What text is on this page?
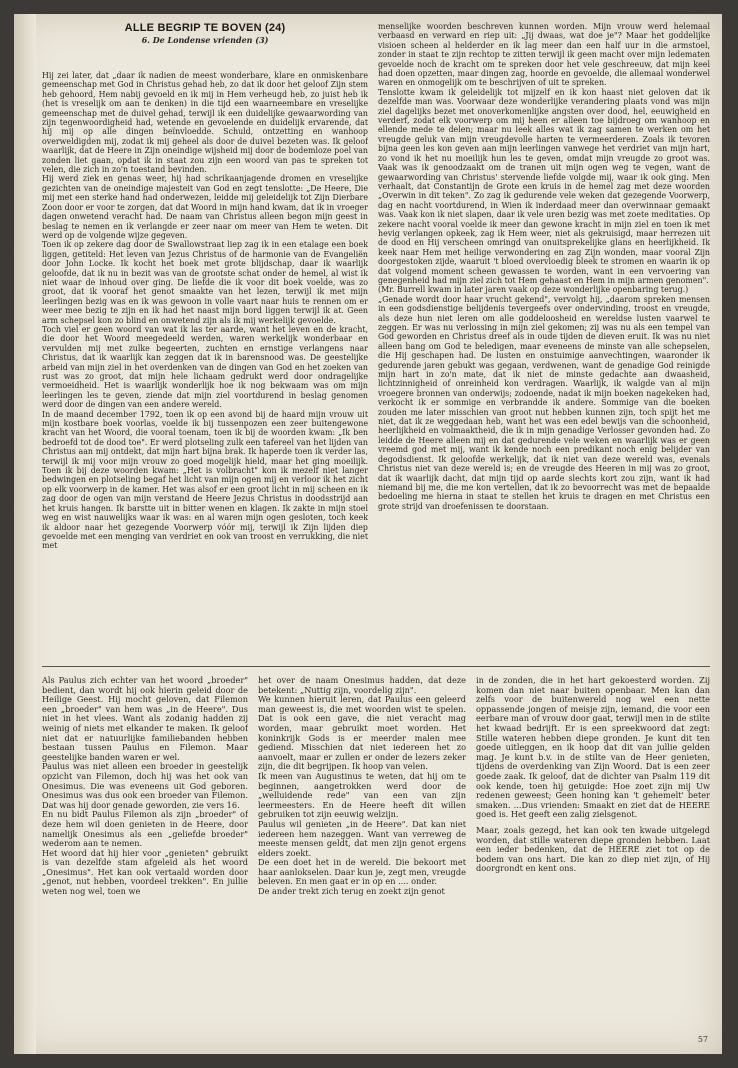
ALLE BEGRIP TE BOVEN (24)
6. De Londense vrienden (3)

Hij zei later, dat „daar ik nadien de meest wonderbare, klare en onmiskenbare gemeenschap met God in Christus gehad heb, zo dat ik door het geloof Zijn stem heb gehoord, Hem nabij gevoeld en ik mij in Hem verheugd heb, zo juist heb ik (het is vreselijk om aan te denken) in die tijd een waarneembare en vreselijke gemeenschap met de duivel gehad, terwijl ik een duidelijke gewaarwording van zijn tegenwoordigheid had, wetende en gevoelende en duidelijk ervarende, dat hij mij op alle dingen beïnvloedde. Schuld, ontzetting en wanhoop overweldigden mij, zodat ik mij geheel als door de duivel bezeten was. Ik geloof waarlijk, dat de Heere in Zijn oneindige wijsheid mij door de bodemloze poel van zonden liet gaan, opdat ik in staat zou zijn een woord van pas te spreken tot velen, die zich in zo'n toestand bevinden.

Hij werd ziek en genas weer, hij had schrikaanjagende dromen en vreselijke gezichten van de oneindige majesteit van God en zegt tenslotte: „De Heere, Die mij met een sterke hand had onderwezen, leidde mij geleidelijk tot Zijn Dierbare Zoon door er voor te zorgen, dat dat Woord in mijn hand kwam, dat ik in vroeger dagen onwetend veracht had. De naam van Christus alleen begon mijn geest in beslag te nemen en ik verlangde er zeer naar om meer van Hem te weten. Dit werd op de volgende wijze gegeven.

Toen ik op zekere dag door de Swallowstraat liep zag ik in een etalage een boek liggen, getiteld: Het leven van Jezus Christus of de harmonie van de Evangeliën door John Locke. Ik kocht het boek met grote blijdschap, daar ik waarlijk geloofde, dat ik nu in bezit was van de grootste schat onder de hemel, al wist ik niet waar de inhoud over ging. De liefde die ik voor dit boek voelde, was zo groot, dat ik vooraf het genot smaakte van het lezen, terwijl ik met mijn leerlingen bezig was en ik was gewoon in volle vaart naar huis te rennen om er weer mee bezig te zijn en ik had het naast mijn bord liggen terwijl ik at. Geen arm schepsel kon zo blind en onwetend zijn als ik mij werkelijk gevoelde.

Toch viel er geen woord van wat ik las ter aarde, want het leven en de kracht, die door het Woord meegedeeld werden, waren werkelijk wonderbaar en vervulden mij met zulke begeerten, zuchten en ernstige verlangens naar Christus, dat ik waarlijk kan zeggen dat ik in barensnood was. De geestelijke arbeid van mijn ziel in het overdenken van de dingen van God en het zoeken van rust was zo groot, dat mijn hele lichaam gedrukt werd door ondragelijke vermoeidheid. Het is waarlijk wonderlijk hoe ik nog bekwaam was om mijn leerlingen les te geven, ziende dat mijn ziel voortdurend in beslag genomen werd door de dingen van een andere wereld.

In de maand december 1792, toen ik op een avond bij de haard mijn vrouw uit mijn kostbare boek voorlas, voelde ik bij tussenpozen een zeer buitengewone kracht van het Woord, die vooral toenam, toen ik bij de woorden kwam: „Ik ben bedroefd tot de dood toe". Er werd plotseling zulk een tafereel van het lijden van Christus aan mij ontdekt, dat mijn hart bijna brak. Ik haperde toen ik verder las, terwijl ik mij voor mijn vrouw zo goed mogelijk hield, maar het ging moeilijk. Toen ik bij deze woorden kwam: „Het is volbracht" kon ik mezelf niet langer bedwingen en plotseling begaf het licht van mijn ogen mij en verloor ik het zicht op elk voorwerp in de kamer. Het was alsof er een groot licht in mij scheen en ik zag door de ogen van mijn verstand de Heere Jezus Christus in doodsstrijd aan het kruis hangen. Ik barstte uit in bitter wenen en klagen. Ik zakte in mijn stoel weg en wist nauwelijks waar ik was: en al waren mijn ogen gesloten, toch keek ik aldoor naar het gezegende Voorwerp vóór mij, terwijl ik Zijn lijden diep gevoelde met een menging van verdriet en ook van troost en verrukking, die niet met

menselijke woorden beschreven kunnen worden. Mijn vrouw werd helemaal verbaasd en verward en riep uit: „Jij dwaas, wat doe je"? Maar het goddelijke visioen scheen al helderder en ik lag meer dan een half uur in die armstoel, zonder in staat te zijn rechtop te zitten terwijl ik geen macht over mijn ledematen gevoelde noch de kracht om te spreken door het vele geschreeuw, dat mijn keel had doen opzetten, maar dingen zag, hoorde en gevoelde, die allemaal wonderwel waren en onmogelijk om te beschrijven of uit te spreken.

Tenslotte kwam ik geleidelijk tot mijzelf en ik kon haast niet geloven dat ik dezelfde man was. Voorwaar deze wonderlijke verandering plaats vond was mijn ziel dagelijks bezet met onoverkomenlijke angsten over dood, hel, eeuwigheid en verderf, zodat elk voorwerp om mij heen er alleen toe bijdroeg om wanhoop en ellende mede te delen; maar nu leek alles wat ik zag samen te werken om het vreugde geluk van mijn vreugdevolle harten te vermeerderen. Zoals ik tevoren bijna geen les kon geven aan mijn leerlingen vanwege het verdriet van mijn hart, zo vond ik het nu moeilijk hun les te geven, omdat mijn vreugde zo groot was. Vaak was ik genoodzaakt om de tranen uit mijn ogen weg te vegen, want de gewaarwording van Christus' stervende liefde volgde mij, waar ik ook ging. Men verhaalt, dat Constantijn de Grote een kruis in de hemel zag met deze woorden „Overwin in dit teken". Zo zag ik gedurende vele weken dat gezegende Voorwerp, dag en nacht voortdurend, in Wien ik inderdaad meer dan overwinnaar gemaakt was. Vaak kon ik niet slapen, daar ik vele uren bezig was met zoete meditaties. Op zekere nacht vooral voelde ik meer dan gewone kracht in mijn ziel en toen ik met hevig verlangen opkeek, zag ik Hem weer, niet als gekruisigd, maar herrezen uit de dood en Hij verscheen omringd van onuitsprekelijke glans en heerlijkheid. Ik keek naar Hem met heilige verwondering en zag Zijn wonden, maar vooral Zijn doorgestoken zijde, waaruit 't bloed overvloedig bleek te stromen en waarin ik op dat volgend moment scheen gewassen te worden, want in een vervoering van genegenheid had mijn ziel zich tot Hem gehaast en Hem in mijn armen genomen".

(Mr. Burrell kwam in later jaren vaak op deze wonderlijke openbaring terug.)

„Genade wordt door haar vrucht gekend", vervolgt hij, „daarom spreken mensen in een godsdienstige belijdenis tevergeefs over ondervinding, troost en vreugde, als deze hun niet leren om alle goddeloosheid en wereldse lusten vaarwel te zeggen. Er was nu verlossing in mijn ziel gekomen; zij was nu als een tempel van God geworden en Christus dreef als in oude tijden de dieven eruit. Ik was nu niet alleen bang om God te beledigen, maar eveneens de minste van alle schepselen, die Hij geschapen had. De lusten en onstuimige aanvechtingen, waaronder ik gedurende jaren gebukt was gegaan, verdwenen, want de genadige God reinigde mijn hart in zo'n mate, dat ik niet de minste gedachte aan dwaasheid, lichtzinnigheid of onreinheid kon verdragen. Waarlijk, ik walgde van al mijn vroegere bronnen van onderwijs; zodoende, nadat ik mijn boeken nagekeken had, verkocht ik er sommige en verbrandde ik andere. Sommige van die boeken zouden me later misschien van groot nut hebben kunnen zijn, toch spijt het me niet, dat ik ze weggedaan heb, want het was een edel bewijs van die schoonheid, heerlijkheid en volmaaktheid, die ik in mijn genadige Verlosser gevonden had. Zo leidde de Heere alleen mij en dat gedurende vele weken en waarlijk was er geen vreemd god met mij, want ik kende noch een predikant noch enig belijder van degodsdienst. Ik geloofde werkelijk, dat ik niet van deze wereld was, evenals Christus niet van deze wereld is; en de vreugde des Heeren in mij was zo groot, dat ik waarlijk dacht, dat mijn tijd op aarde slechts kort zou zijn, want ik had niemand bij me, die me kon vertellen, dat ik zo bevoorrecht was met de bepaalde bedoeling me hierna in staat te stellen het kruis te dragen en met Christus een grote strijd van droefenissen te doorstaan.

Als Paulus zich echter van het woord „broeder" bedient, dan wordt hij ook hierin geleid door de Heilige Geest. Hij mocht geloven, dat Filemon een „broeder" van hem was „in de Heere". Dus niet in het vlees. Want als zodanig hadden zij weinig of niets met elkander te maken. Ik geloof niet dat er natuurlijke familiebanden hebben bestaan tussen Paulus en Filemon. Maar geestelijke banden waren er wel.

Paulus was niet alleen een broeder in geestelijk opzicht van Filemon, doch hij was het ook van Onesimus. Die was eveneens uit God geboren. Onesimus was dus ook een broeder van Filemon. Dat was hij door genade geworden, zie vers 16.

En nu bidt Paulus Filemon als zijn „broeder" of deze hem wil doen genieten in de Heere, door namelijk Onesimus als een „geliefde broeder" wederom aan te nemen.

Het woord dat hij hier voor „genieten" gebruikt is van dezelfde stam afgeleid als het woord „Onesimus". Het kan ook vertaald worden door „genot, nut hebben, voordeel trekken". En jullie weten nog wel, toen we

het over de naam Onesimus hadden, dat deze betekent: „Nuttig zijn, voordelig zijn".

We kunnen hieruit leren, dat Paulus een geleerd man geweest is, die met woorden wist te spelen. Dat is ook een gave, die niet veracht mag worden, maar gebruikt moet worden. Het koninkrijk Gods is er meerder malen mee gediend. Misschien dat niet iedereen het zo aanvoelt, maar er zullen er onder de lezers zeker zijn, die dit begrijpen. Ik hoop van velen.

Ik meen van Augustinus te weten, dat hij om te beginnen, aangetrokken werd door de „welluidende rede" van een van zijn leermeesters. En de Heere heeft dit willen gebruiken tot zijn eeuwig welzijn.

Paulus wil genieten „in de Heere". Dat kan niet iedereen hem nazeggen. Want van verreweg de meeste mensen geldt, dat men zijn genot ergens elders zoekt.

De een doet het in de wereld. Die bekoort met haar aanlokselen. Daar kun je, zegt men, vreugde beleven. En men gaat er in op en .... onder.

De ander trekt zich terug en zoekt zijn genot

in de zonden, die in het hart gekoesterd worden. Zij komen dan niet naar buiten openbaar. Men kan dan zelfs voor de buitenwereld nog wel een nette oppassende jongen of meisje zijn, iemand, die voor een eerbare man of vrouw door gaat, terwijl men in de stilte het kwaad bedrijft. Er is een spreekwoord dat zegt: Stille wateren hebben diepe gronden. Je kunt dit ten goede uitleggen, en ik hoop dat dit van jullie gelden mag. Je kunt b.v. in de stilte van de Heer genieten, tijdens de overdenking van Zijn Woord. Dat is een zeer goede zaak. Ik geloof, dat de dichter van Psalm 119 dit ook kende, toen hij getuigde: Hoe zoet zijn mij Uw redenen geweest; Geen honing kan 't gehemelt' beter smaken. ...Dus vrienden: Smaakt en ziet dat de HEERE goed is. Het geeft een zalig zielsgenot.

Maar, zoals gezegd, het kan ook ten kwade uitgelegd worden, dat stille wateren diepe gronden hebben. Laat een ieder bedenken, dat de HEERE ziet tot op de bodem van ons hart. Die kan zo diep niet zijn, of Hij doorgrondt en kent ons.

57
